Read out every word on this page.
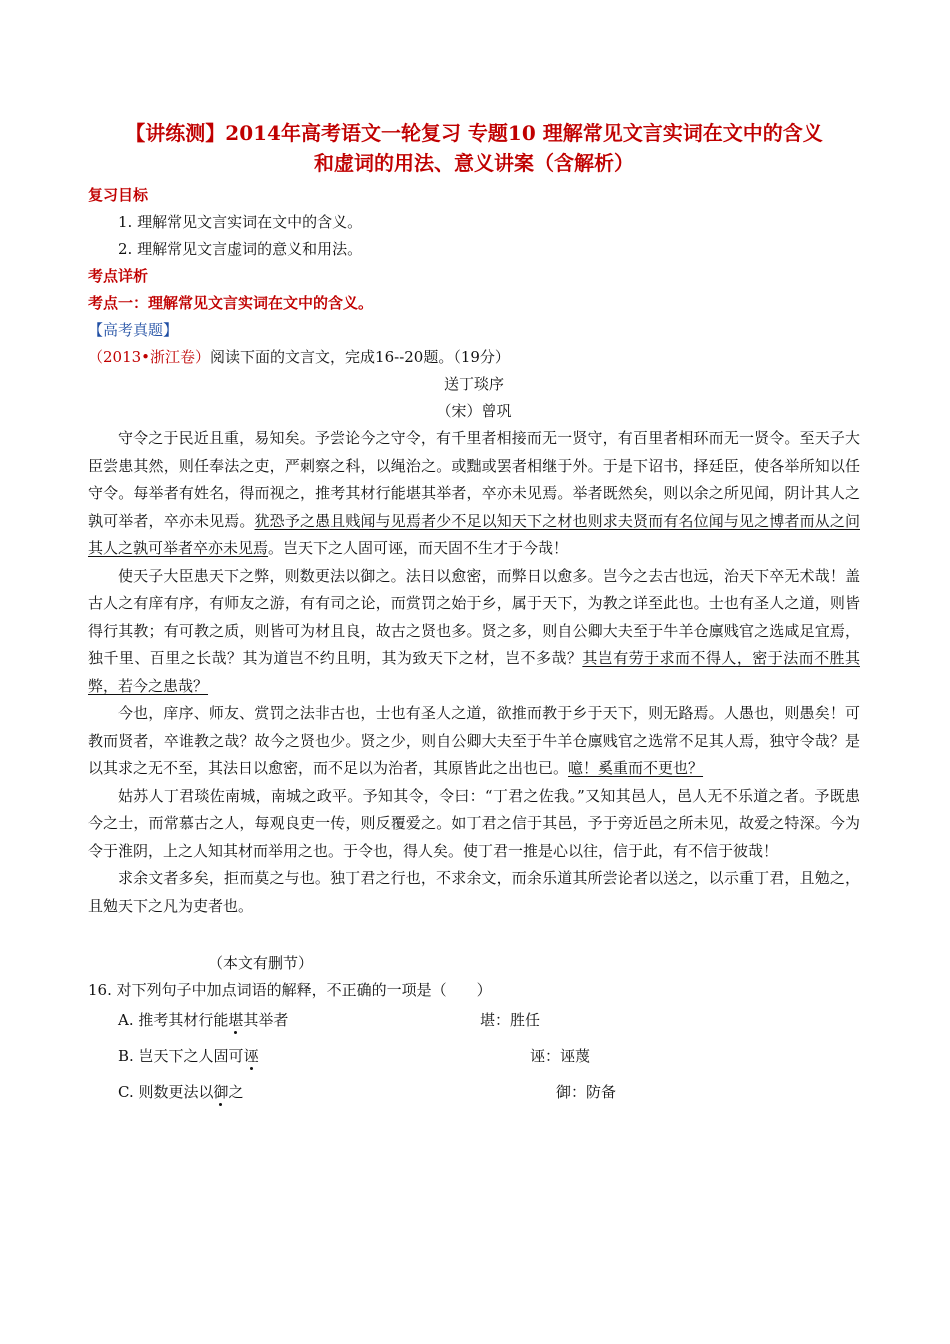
【讲练测】2014年高考语文一轮复习 专题10 理解常见文言实词在文中的含义
和虚词的用法、意义讲案（含解析）
复习目标
1. 理解常见文言实词在文中的含义。
2. 理解常见文言虚词的意义和用法。
考点详析
考点一：理解常见文言实词在文中的含义。
【高考真题】
（2013•浙江卷）阅读下面的文言文，完成16--20题。（19分）
送丁琰序
（宋）曾巩

守令之于民近且重，易知矣。予尝论今之守令，有千里者相接而无一贤守，有百里者相环而无一贤令。至天子大臣尝患其然，则任奉法之吏，严刺察之科，以绳治之。或黜或罢者相继于外。于是下诏书，择廷臣，使各举所知以任守令。每举者有姓名，得而视之，推考其材行能堪其举者，卒亦未见焉。举者既然矣，则以余之所见闻，阴计其人之孰可举者，卒亦未见焉。犹恐予之愚且贱闻与见焉者少不足以知天下之材也则求夫贤而有名位闻与见之博者而从之问其人之孰可举者卒亦未见焉。岂天下之人固可诬，而天固不生才于今哉！

使天子大臣患天下之弊，则数更法以御之。法日以愈密，而弊日以愈多。岂今之去古也远，治天下卒无术哉！盖古人之有庠有序，有师友之游，有有司之论，而赏罚之始于乡，属于天下，为教之详至此也。士也有圣人之道，则皆得行其教；有可教之质，则皆可为材且良，故古之贤也多。贤之多，则自公卿大夫至于牛羊仓廪贱官之选咸足宜焉，独千里、百里之长哉？其为道岂不约且明，其为致天下之材，岂不多哉？其岂有劳于求而不得人，密于法而不胜其弊，若今之患哉？

今也，庠序、师友、赏罚之法非古也，士也有圣人之道，欲推而教于乡于天下，则无路焉。人愚也，则愚矣！可教而贤者，卒谁教之哉？故今之贤也少。贤之少，则自公卿大夫至于牛羊仓廪贱官之选常不足其人焉，独守令哉？是以其求之无不至，其法日以愈密，而不足以为治者，其原皆此之出也已。噫！奚重而不更也？

姑苏人丁君琰佐南城，南城之政平。予知其令，令曰：“丁君之佐我。”又知其邑人，邑人无不乐道之者。予既患今之士，而常慕古之人，每观良吏一传，则反覆爱之。如丁君之信于其邑，予于旁近邑之所未见，故爱之特深。今为令于淮阴，上之人知其材而举用之也。于令也，得人矣。使丁君一推是心以往，信于此，有不信于彼哉！

求余文者多矣，拒而莫之与也。独丁君之行也，不求余文，而余乐道其所尝论者以送之，以示重丁君，且勉之，且勉天下之凡为吏者也。

（本文有删节）
16. 对下列句子中加点词语的解释，不正确的一项是（　　）
A. 推考其材行能堪其举者	堪：胜任
B. 岂天下之人固可诬	诬：诬蔑
C. 则数更法以御之	御：防备
